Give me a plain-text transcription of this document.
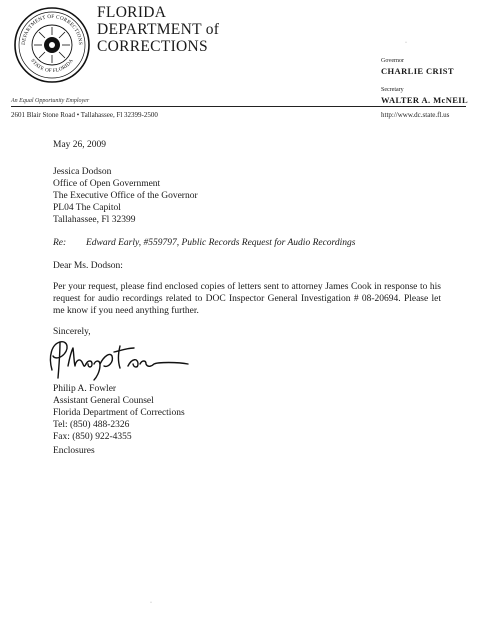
DEPARTMENT OF CORRECTIONS
STATE OF FLORIDA
FLORIDA
DEPARTMENT of
CORRECTIONS
Governor
CHARLIE CRIST
Secretary
WALTER A. McNEIL
An Equal Opportunity Employer
2601 Blair Stone Road • Tallahassee, Fl 32399-2500	http://www.dc.state.fl.us
May 26, 2009
Jessica Dodson
Office of Open Government
The Executive Office of the Governor
PL04 The Capitol
Tallahassee, Fl 32399
Re: Edward Early, #559797, Public Records Request for Audio Recordings
Dear Ms. Dodson:
Per your request, please find enclosed copies of letters sent to attorney James Cook in response to his request for audio recordings related to DOC Inspector General Investigation # 08-20694. Please let me know if you need anything further.
Sincerely,
Philip A. Fowler
Assistant General Counsel
Florida Department of Corrections
Tel: (850) 488-2326
Fax: (850) 922-4355
Enclosures
·
·
